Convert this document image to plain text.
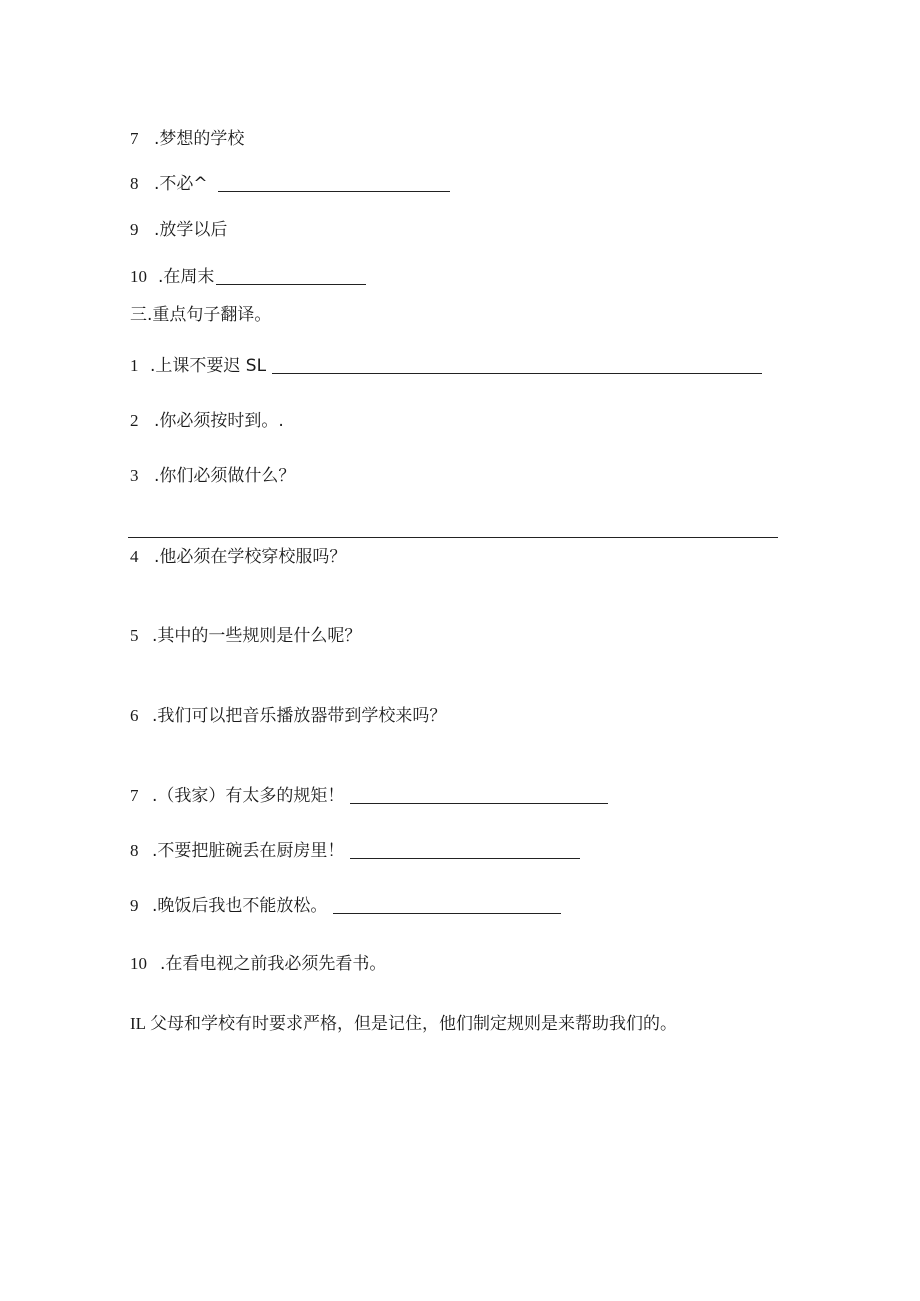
7 .梦想的学校
8 .不必^
9 .放学以后
10 .在周末
三.重点句子翻译。
1 .上课不要迟 SL
2 .你必须按时到。.
3 .你们必须做什么？
4 .他必须在学校穿校服吗？
5 .其中的一些规则是什么呢？
6 .我们可以把音乐播放器带到学校来吗？
7 .（我家）有太多的规矩！
8 .不要把脏碗丢在厨房里！
9 .晚饭后我也不能放松。
10 .在看电视之前我必须先看书。
IL 父母和学校有时要求严格，但是记住，他们制定规则是来帮助我们的。
